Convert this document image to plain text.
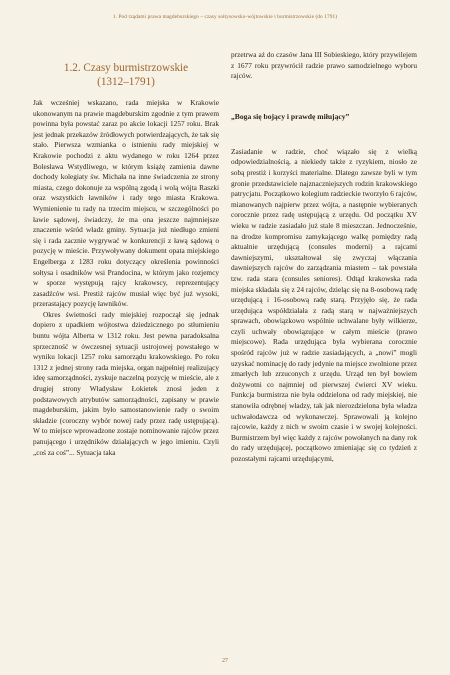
1. Pod rządami prawa magdeburskiego – czasy sołtysowsko-wójtowskie i burmistrzowskie (do 1791)
1.2. Czasy burmistrzowskie
(1312–1791)

Jak wcześniej wskazano, rada miejska w Krakowie ukonowanym na prawie magdeburskim zgodnie z tym prawem powinna była powstać zaraz po akcie lokacji 1257 roku. Brak jest jednak przekazów źródłowych potwierdzających, że tak się stało. Pierwsza wzmianka o istnieniu rady miejskiej w Krakowie pochodzi z aktu wydanego w roku 1264 przez Bolesława Wstydliwego, w którym książę zamienia dawne dochody kolegiaty św. Michała na inne świadczenia ze strony miasta, czego dokonuje za wspólną zgodą i wolą wójta Raszki oraz wszystkich ławników i rady tego miasta Krakowa. Wymienienie tu rady na trzecim miejscu, w szczególności po ławie sądowej, świadczy, że ma ona jeszcze najmniejsze znaczenie wśród władz gminy. Sytuacja już niedługo zmieni się i rada zacznie wygrywać w konkurencji z ławą sądową o pozycję w mieście. Przywoływany dokument opata miejskiego Engelberga z 1283 roku dotyczący określenia powinności sołtysa i osadników wsi Prandocina, w którym jako rozjemcy w sporze występują rajcy krakowscy, reprezentujący zasadźców wsi. Prestiż rajców musiał więc być już wysoki, przerastający pozycję ławników.

Okres świetności rady miejskiej rozpoczął się jednak dopiero z upadkiem wójtostwa dziedzicznego po stłumieniu buntu wójta Alberta w 1312 roku. Jest pewna paradoksalna sprzeczność w ówczesnej sytuacji ustrojowej powstałego w wyniku lokacji 1257 roku samorządu krakowskiego. Po roku 1312 z jednej strony rada miejska, organ najpełniej realizujący ideę samorządności, zyskuje naczelną pozycję w mieście, ale z drugiej strony Władysław Łokietek znosi jeden z podstawowych atrybutów samorządności, zapisany w prawie magdeburskim, jakim było samostanowienie rady o swoim składzie (coroczny wybór nowej rady przez radę ustępującą). W to miejsce wprowadzone zostaje nominowanie rajców przez panującego i urzędników działających w jego imieniu. Czyli „coś za coś”... Sytuacja taka

przetrwa aż do czasów Jana III Sobieskiego, który przywilejem z 1677 roku przywrócił radzie prawo samodzielnego wyboru rajców.

„Boga się bojący i prawdę miłujący”

Zasiadanie w radzie, choć wiązało się z wielką odpowiedzialnością, a niekiedy także z ryzykiem, niosło ze sobą prestiż i korzyści materialne. Dlatego zawsze byli w tym gronie przedstawiciele najznaczniejszych rodzin krakowskiego patrycjatu. Początkowo kolegium radzieckie tworzyło 6 rajców, mianowanych najpierw przez wójta, a następnie wybieranych corocznie przez radę ustępującą z urzędu. Od początku XV wieku w radzie zasiadało już stale 8 mieszczan. Jednocześnie, na drodze kompromisu zamykającego walkę pomiędzy radą aktualnie urzędującą (consules moderni) a rajcami dawniejszymi, ukształtował się zwyczaj włączania dawniejszych rajców do zarządzania miastem – tak powstała tzw. rada stara (consules seniores). Odtąd krakowska rada miejska składała się z 24 rajców, dzieląc się na 8-osobową radę urzędującą i 16-osobową radę starą. Przyjęło się, że rada urzędująca współdziałała z radą starą w najważniejszych sprawach, obowiązkowo wspólnie uchwalane były wilkierze, czyli uchwały obowiązujące w całym mieście (prawo miejscowe). Rada urzędująca była wybierana corocznie spośród rajców już w radzie zasiadających, a „nowi” mogli uzyskać nominację do rady jedynie na miejsce zwolnione przez zmarłych lub zrzuconych z urzędu. Urząd ten był bowiem dożywotni co najmniej od pierwszej ćwierci XV wieku. Funkcja burmistrza nie była oddzielona od rady miejskiej, nie stanowiła odrębnej władzy, tak jak nierozdzielona była władza uchwałodawcza od wykonawczej. Sprawowali ją kolejno rajcowie, każdy z nich w swoim czasie i w swojej kolejności. Burmistrzem był więc każdy z rajców powołanych na dany rok do rady urzędującej, początkowo zmieniając się co tydzień z pozostałymi rajcami urzędującymi,

27
